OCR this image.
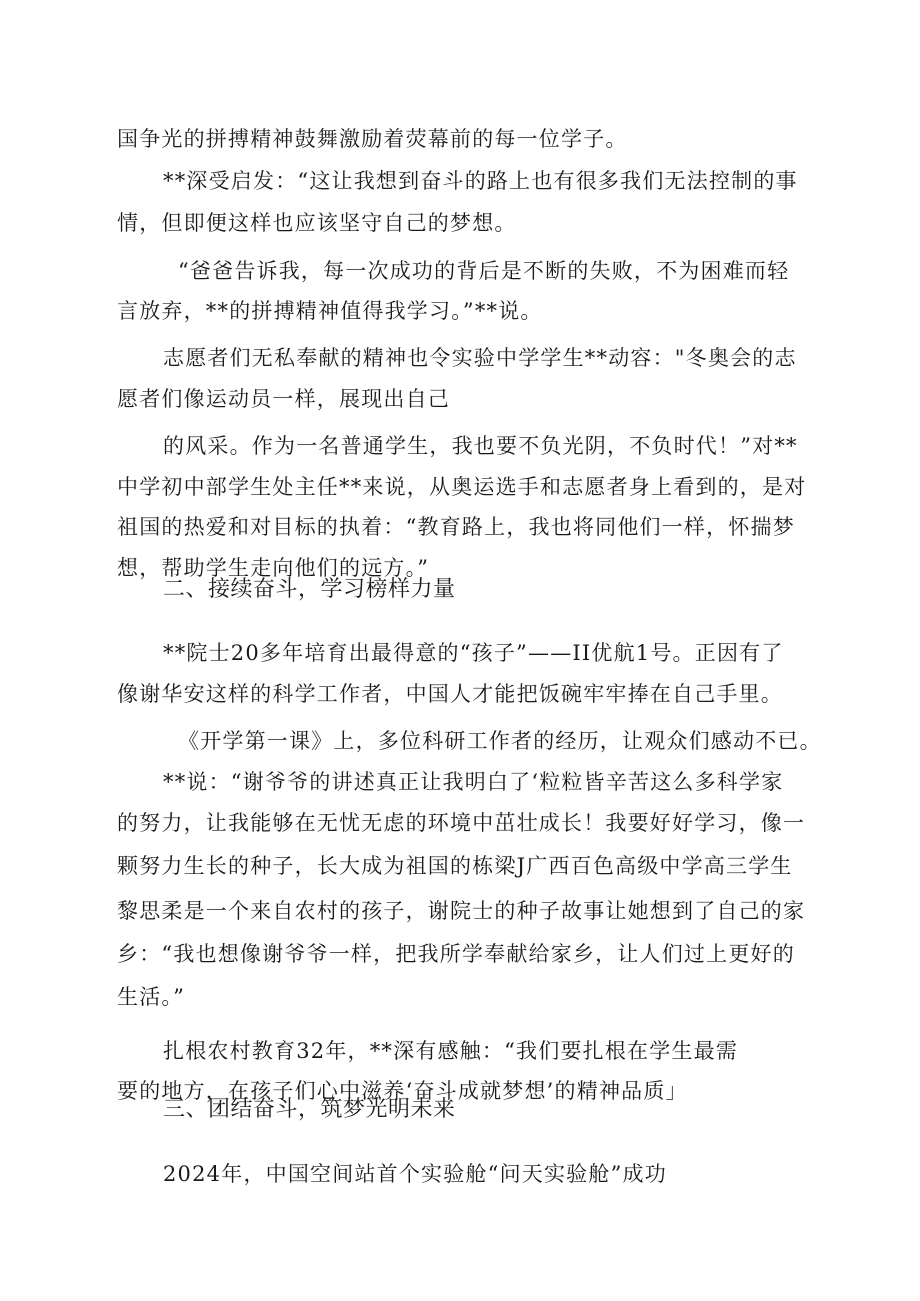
国争光的拼搏精神鼓舞激励着荧幕前的每一位学子。

**深受启发：“这让我想到奋斗的路上也有很多我们无法控制的事

情，但即便这样也应该坚守自己的梦想。

“爸爸告诉我，每一次成功的背后是不断的失败，不为困难而轻

言放弃，**的拼搏精神值得我学习。”**说。

志愿者们无私奉献的精神也令实验中学学生**动容："冬奥会的志

愿者们像运动员一样，展现出自己

的风采。作为一名普通学生，我也要不负光阴，不负时代！”对**

中学初中部学生处主任**来说，从奥运选手和志愿者身上看到的，是对

祖国的热爱和对目标的执着：“教育路上，我也将同他们一样，怀揣梦

想，帮助学生走向他们的远方。”

二、接续奋斗，学习榜样力量

**院士20多年培育出最得意的“孩子”——II优航1号。正因有了

像谢华安这样的科学工作者，中国人才能把饭碗牢牢捧在自己手里。

《开学第一课》上，多位科研工作者的经历，让观众们感动不已。

**说：“谢爷爷的讲述真正让我明白了‘粒粒皆辛苦这么多科学家

的努力，让我能够在无忧无虑的环境中茁壮成长！我要好好学习，像一

颗努力生长的种子，长大成为祖国的栋梁J广西百色高级中学高三学生

黎思柔是一个来自农村的孩子，谢院士的种子故事让她想到了自己的家

乡：“我也想像谢爷爷一样，把我所学奉献给家乡，让人们过上更好的

生活。”

扎根农村教育32年，**深有感触：“我们要扎根在学生最需

要的地方，在孩子们心中滋养‘奋斗成就梦想’的精神品质」

三、团结奋斗，筑梦光明未来

2024年，中国空间站首个实验舱“问天实验舱”成功
